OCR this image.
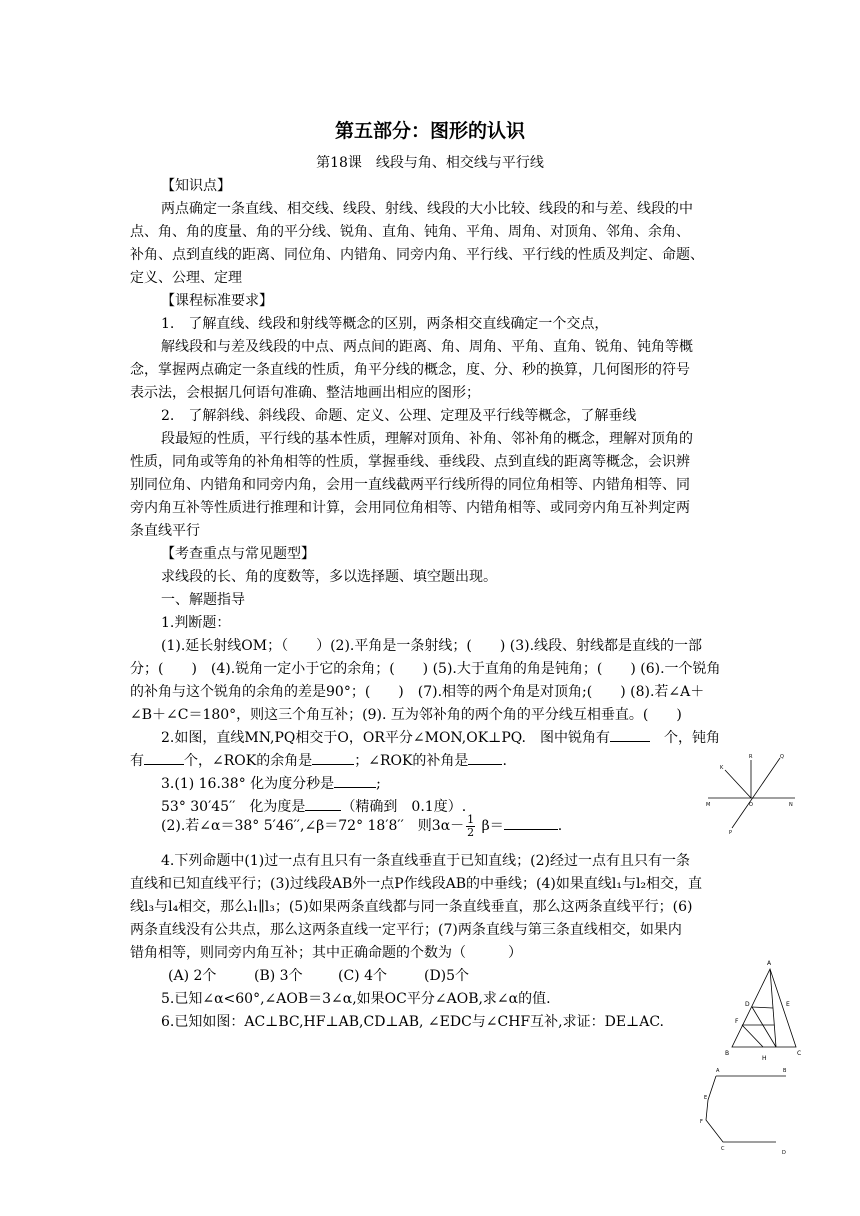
第五部分：图形的认识
第18课　线段与角、相交线与平行线
【知识点】
两点确定一条直线、相交线、线段、射线、线段的大小比较、线段的和与差、线段的中
点、角、角的度量、角的平分线、锐角、直角、钝角、平角、周角、对顶角、邻角、余角、
补角、点到直线的距离、同位角、内错角、同旁内角、平行线、平行线的性质及判定、命题、
定义、公理、定理
【课程标准要求】
1.　了解直线、线段和射线等概念的区别，两条相交直线确定一个交点，
解线段和与差及线段的中点、两点间的距离、角、周角、平角、直角、锐角、钝角等概
念，掌握两点确定一条直线的性质，角平分线的概念，度、分、秒的换算，几何图形的符号
表示法，会根据几何语句准确、整洁地画出相应的图形；
2.　了解斜线、斜线段、命题、定义、公理、定理及平行线等概念，了解垂线
段最短的性质，平行线的基本性质，理解对顶角、补角、邻补角的概念，理解对顶角的
性质，同角或等角的补角相等的性质，掌握垂线、垂线段、点到直线的距离等概念，会识辨
别同位角、内错角和同旁内角，会用一直线截两平行线所得的同位角相等、内错角相等、同
旁内角互补等性质进行推理和计算，会用同位角相等、内错角相等、或同旁内角互补判定两
条直线平行
【考查重点与常见题型】
求线段的长、角的度数等，多以选择题、填空题出现。
一、解题指导
1.判断题：
(1).延长射线OM；（　　）(2).平角是一条射线；(　　) (3).线段、射线都是直线的一部
分；(　　)　(4).锐角一定小于它的余角；(　　) (5).大于直角的角是钝角；(　　) (6).一个锐角
的补角与这个锐角的余角的差是90°；(　　)　(7).相等的两个角是对顶角;(　　) (8).若∠A＋
∠B＋∠C＝180°，则这三个角互补；(9). 互为邻补角的两个角的平分线互相垂直。(　　)
2.如图，直线MN,PQ相交于O，OR平分∠MON,OK⊥PQ.　图中锐角有	　个，钝角
有	个，∠ROK的余角是	；∠ROK的补角是 .
3.(1) 16.38° 化为度分秒是	;
53° 30′45′′　化为度是	（精确到　0.1度）.
(2).若∠α＝38° 5′46′′,∠β＝72° 18′8′′　则$3\alpha- \frac{1}{2} \beta=$	.
4.下列命题中(1)过一点有且只有一条直线垂直于已知直线；(2)经过一点有且只有一条
直线和已知直线平行；(3)过线段AB外一点P作线段AB的中垂线；(4)如果直线l₁与l₂相交，直
线l₃与l₄相交，那么l₁∥l₃；(5)如果两条直线都与同一条直线垂直，那么这两条直线平行；(6)
两条直线没有公共点，那么这两条直线一定平行；(7)两条直线与第三条直线相交，如果内
错角相等，则同旁内角互补；其中正确命题的个数为（　　　）
(A) 2个	(B) 3个	(C) 4个	(D)5个
5.已知∠α<60°,∠AOB＝3∠α,如果OC平分∠AOB,求∠α的值.
6.已知如图：AC⊥BC,HF⊥AB,CD⊥AB, ∠EDC与∠CHF互补,求证：DE⊥AC.
R	Q
K
M	O	N
P
A
D	E
F
B
H
C
A	B
E
F
C
D
